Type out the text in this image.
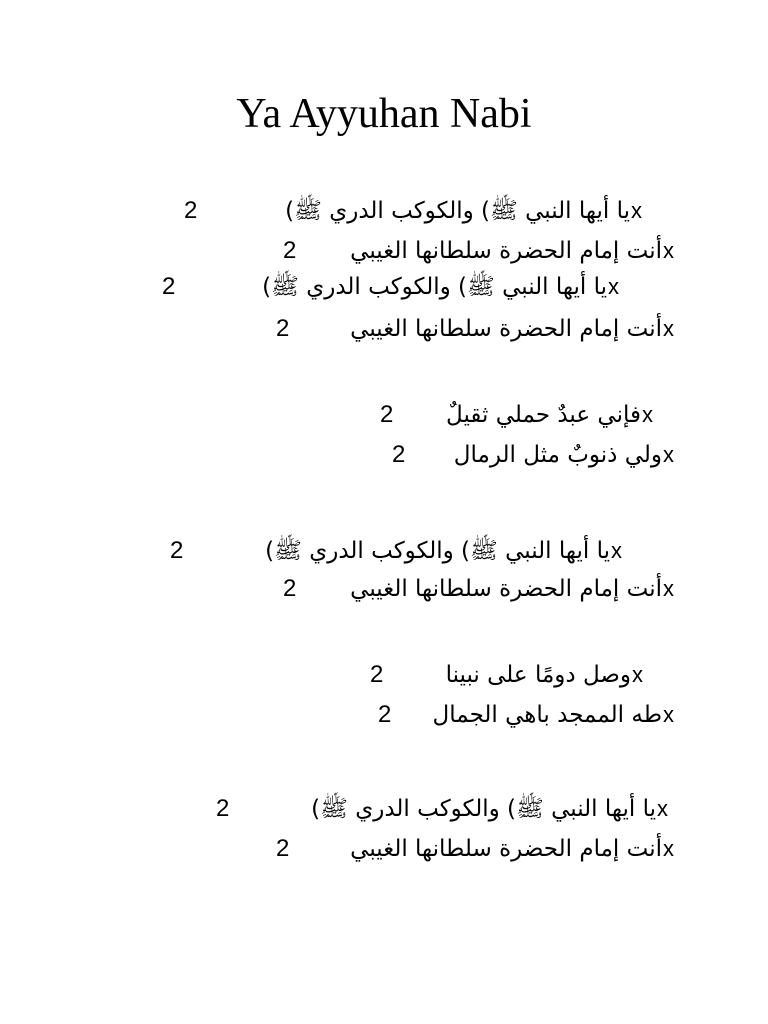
Ya Ayyuhan Nabi
2	يا أيها النبي ﷺ) والكوكب الدري ﷺ) x
2 أنت إمام الحضرة سلطانها الغيبي x
2	يا أيها النبي ﷺ) والكوكب الدري ﷺ) x
2	أنت إمام الحضرة سلطانها الغيبي x
2 فإني عبدٌ حملي ثقيلٌ x
2 ولي ذنوبٌ مثل الرمال x
2	يا أيها النبي ﷺ) والكوكب الدري ﷺ) x
2 أنت إمام الحضرة سلطانها الغيبي x
2	وصل دومًا على نبينا x
2 طه الممجد باهي الجمال x
2	يا أيها النبي ﷺ) والكوكب الدري ﷺ) x
2	أنت إمام الحضرة سلطانها الغيبي x
